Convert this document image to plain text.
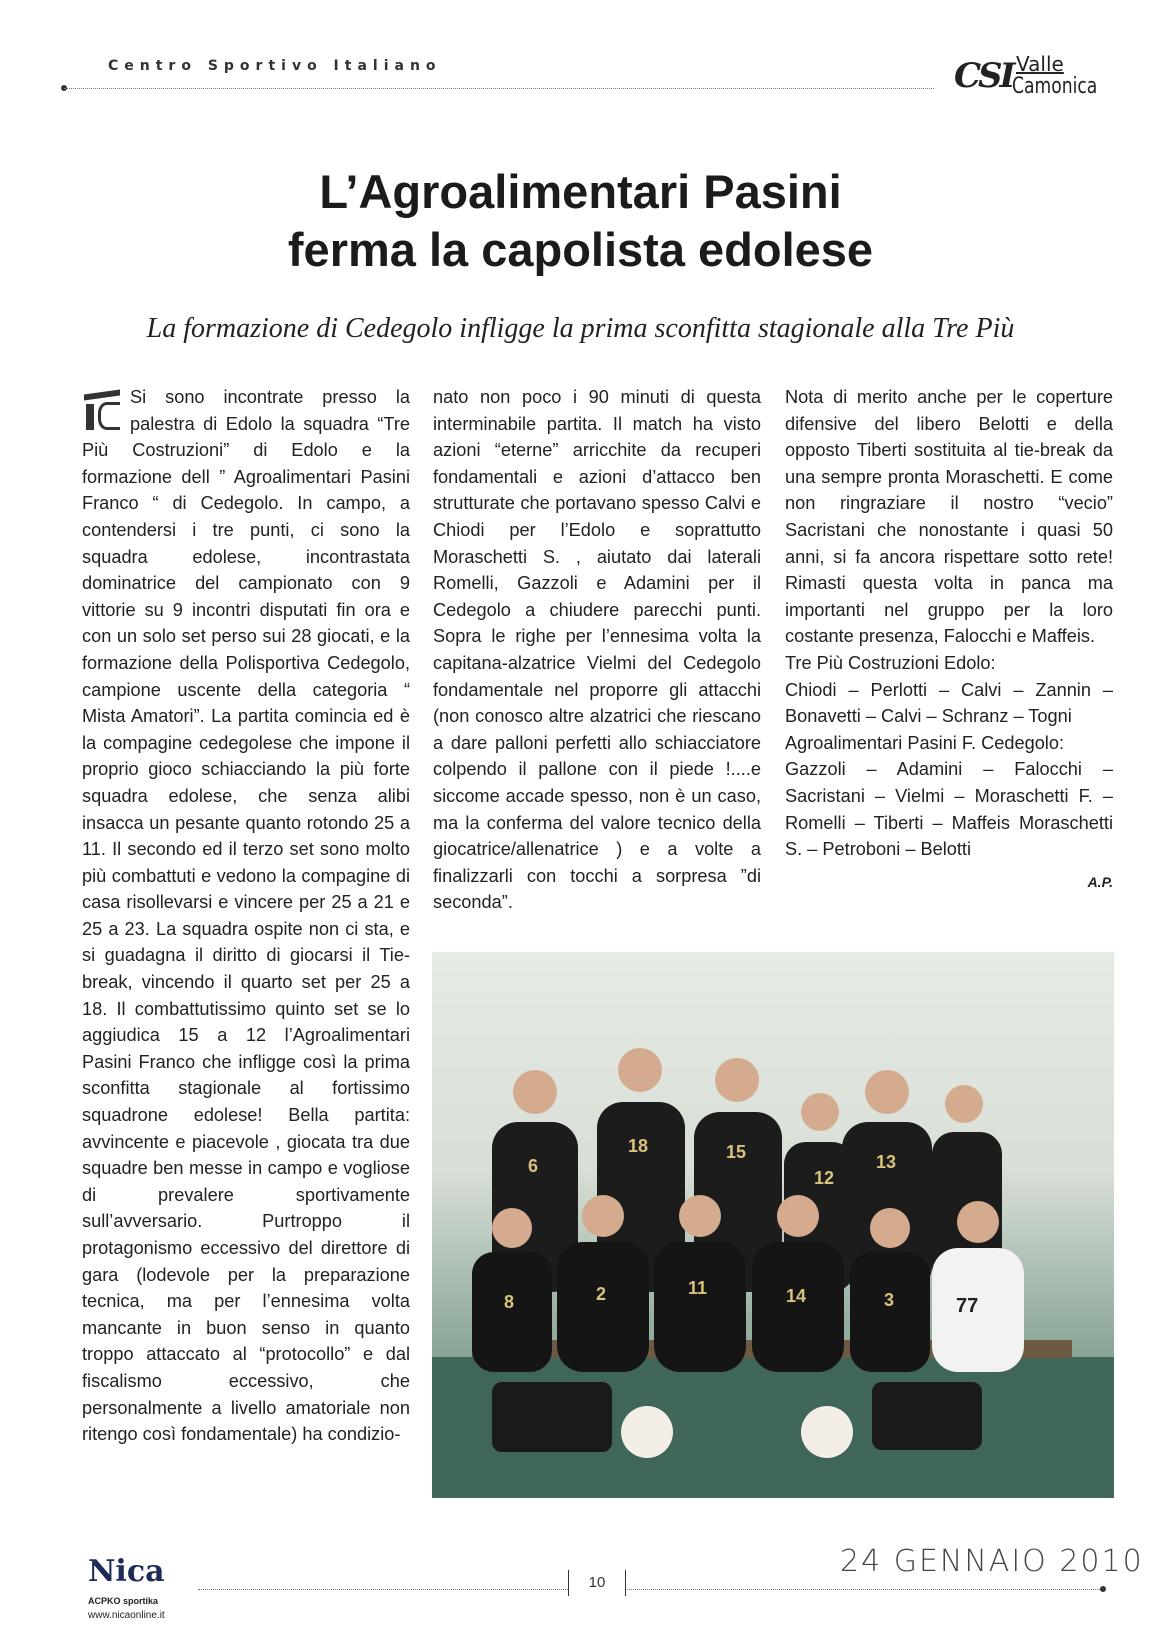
Centro Sportivo Italiano	CSI Valle
Camonica
L’Agroalimentari Pasini
ferma la capolista edolese
La formazione di Cedegolo infligge la prima sconfitta stagionale alla Tre Più

Si sono incontrate presso la palestra di Edolo la squadra “Tre Più Costruzioni” di Edolo e la formazione dell ” Agroalimentari Pasini Franco “ di Cedegolo. In campo, a contendersi i tre punti, ci sono la squadra edolese, incontrastata dominatrice del campionato con 9 vittorie su 9 incontri disputati fin ora e con un solo set perso sui 28 giocati, e la formazione della Polisportiva Cedegolo, campione uscente della categoria “ Mista Amatori”. La partita comincia ed è la compagine cedegolese che impone il proprio gioco schiacciando la più forte squadra edolese, che senza alibi insacca un pesante quanto rotondo 25 a 11. Il secondo ed il terzo set sono molto più combattuti e vedono la compagine di casa risollevarsi e vincere per 25 a 21 e 25 a 23. La squadra ospite non ci sta, e si guadagna il diritto di giocarsi il Tie-break, vincendo il quarto set per 25 a 18. Il combattutissimo quinto set se lo aggiudica 15 a 12 l’Agroalimentari Pasini Franco che infligge così la prima sconfitta stagionale al fortissimo squadrone edolese! Bella partita: avvincente e piacevole , giocata tra due squadre ben messe in campo e vogliose di prevalere sportivamente sull’avversario. Purtroppo il protagonismo eccessivo del direttore di gara (lodevole per la preparazione tecnica, ma per l’ennesima volta mancante in buon senso in quanto troppo attaccato al “protocollo” e dal fiscalismo eccessivo, che personalmente a livello amatoriale non ritengo così fondamentale) ha condizio-

nato non poco i 90 minuti di questa interminabile partita. Il match ha visto azioni “eterne” arricchite da recuperi fondamentali e azioni d’attacco ben strutturate che portavano spesso Calvi e Chiodi per l’Edolo e soprattutto Moraschetti S. , aiutato dai laterali Romelli, Gazzoli e Adamini per il Cedegolo a chiudere parecchi punti. Sopra le righe per l’ennesima volta la capitana-alzatrice Vielmi del Cedegolo fondamentale nel proporre gli attacchi (non conosco altre alzatrici che riescano a dare palloni perfetti allo schiacciatore colpendo il pallone con il piede !....e siccome accade spesso, non è un caso, ma la conferma del valore tecnico della giocatrice/allenatrice ) e a volte a finalizzarli con tocchi a sorpresa ”di seconda”.

Nota di merito anche per le coperture difensive del libero Belotti e della opposto Tiberti sostituita al tie-break da una sempre pronta Moraschetti. E come non ringraziare il nostro “vecio” Sacristani che nonostante i quasi 50 anni, si fa ancora rispettare sotto rete! Rimasti questa volta in panca ma importanti nel gruppo per la loro costante presenza, Falocchi e Maffeis.

Tre Più Costruzioni Edolo:

Chiodi – Perlotti – Calvi – Zannin – Bonavetti – Calvi – Schranz – Togni

Agroalimentari Pasini F. Cedegolo:

Gazzoli – Adamini – Falocchi – Sacristani – Vielmi – Moraschetti F. – Romelli – Tiberti – Maffeis Moraschetti S. – Petroboni – Belotti

A.P.
6
18	15
12
13
8	2	11	14	3	77
Nica
ACPKO sportika
www.nicaonline.it
10
24 GENNAIO 2010
